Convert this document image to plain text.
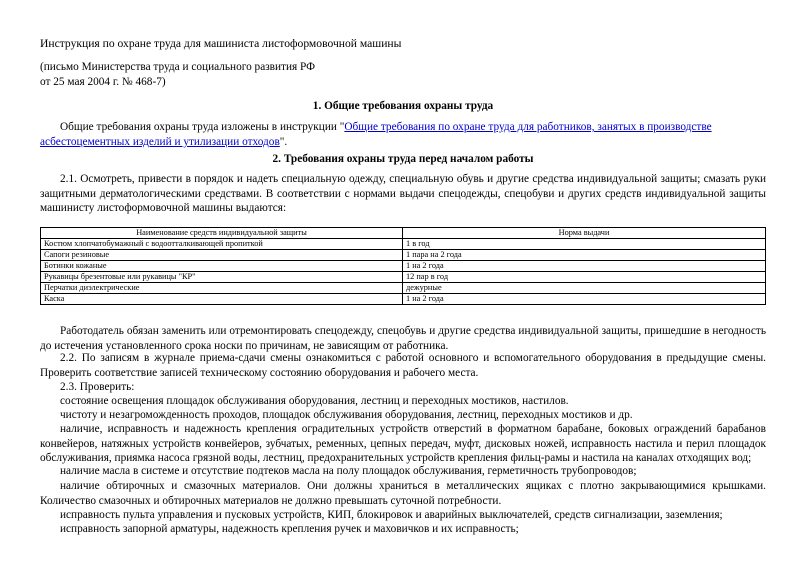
Инструкция по охране труда для машиниста листоформовочной машины
(письмо Министерства труда и социального развития РФ
от 25 мая 2004 г. № 468-7)
1. Общие требования охраны труда
Общие требования охраны труда изложены в инструкции "Общие требования по охране труда для работников, занятых в производстве асбестоцементных изделий и утилизации отходов".
2. Требования охраны труда перед началом работы
2.1. Осмотреть, привести в порядок и надеть специальную одежду, специальную обувь и другие средства индивидуальной защиты; смазать руки защитными дерматологическими средствами. В соответствии с нормами выдачи спецодежды, спецобуви и других средств индивидуальной защиты машинисту листоформовочной машины выдаются:
Наименование средств индивидуальной защиты	Норма выдачи
Костюм хлопчатобумажный с водоотталкивающей пропиткой	1 в год
Сапоги резиновые	1 пара на 2 года
Ботинки кожаные	1 на 2 года
Рукавицы брезентовые или рукавицы "КР"	12 пар в год
Перчатки диэлектрические	дежурные
Каска	1 на 2 года
Работодатель обязан заменить или отремонтировать спецодежду, спецобувь и другие средства индивидуальной защиты, пришедшие в негодность до истечения установленного срока носки по причинам, не зависящим от работника.
2.2. По записям в журнале приема-сдачи смены ознакомиться с работой основного и вспомогательного оборудования в предыдущие смены. Проверить соответствие записей техническому состоянию оборудования и рабочего места.
2.3. Проверить:
состояние освещения площадок обслуживания оборудования, лестниц и переходных мостиков, настилов.
чистоту и незагроможденность проходов, площадок обслуживания оборудования, лестниц, переходных мостиков и др.
наличие, исправность и надежность крепления оградительных устройств отверстий в форматном барабане, боковых ограждений барабанов конвейеров, натяжных устройств конвейеров, зубчатых, ременных, цепных передач, муфт, дисковых ножей, исправность настила и перил площадок обслуживания, приямка насоса грязной воды, лестниц, предохранительных устройств крепления фильц-рамы и настила на каналах отходящих вод;
наличие масла в системе и отсутствие подтеков масла на полу площадок обслуживания, герметичность трубопроводов;
наличие обтирочных и смазочных материалов. Они должны храниться в металлических ящиках с плотно закрывающимися крышками. Количество смазочных и обтирочных материалов не должно превышать суточной потребности.
исправность пульта управления и пусковых устройств, КИП, блокировок и аварийных выключателей, средств сигнализации, заземления;
исправность запорной арматуры, надежность крепления ручек и маховичков и их исправность;
